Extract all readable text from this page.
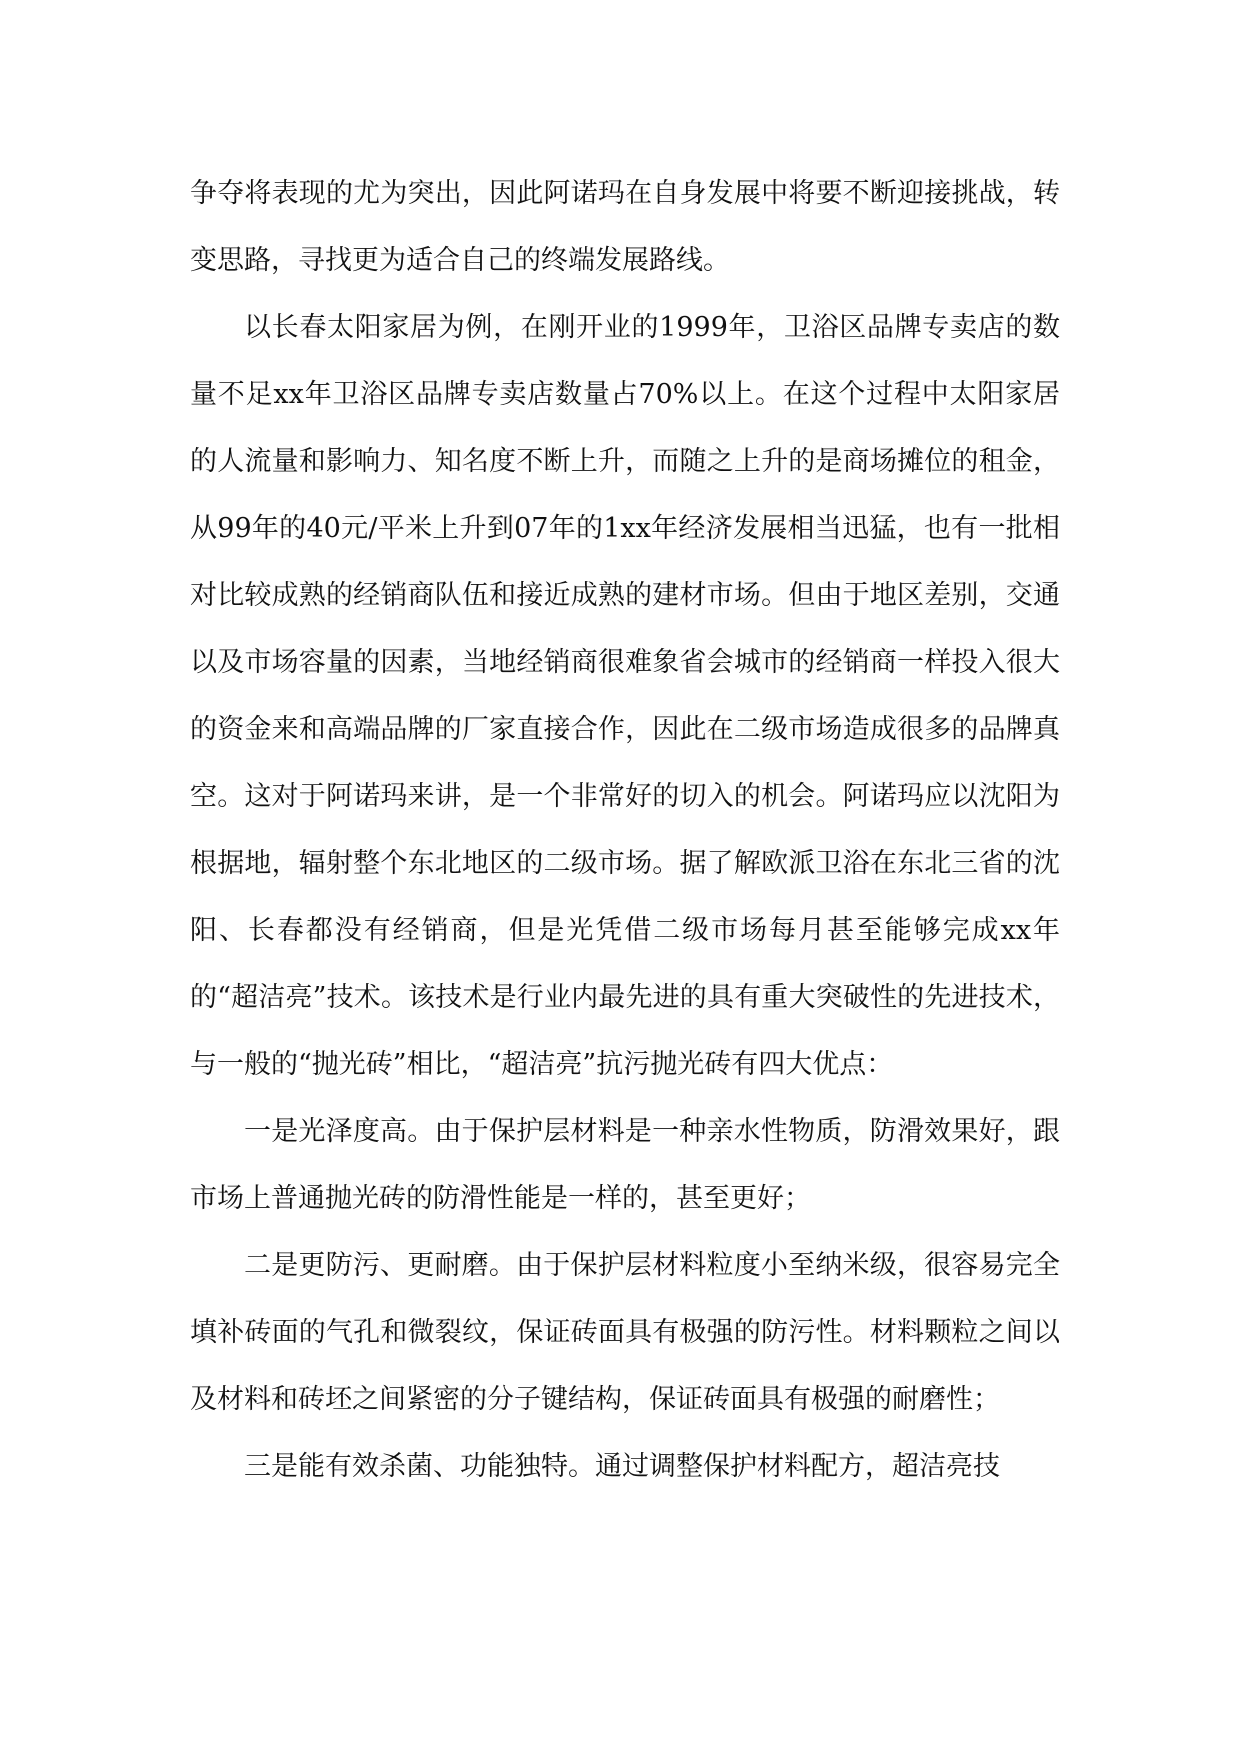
争夺将表现的尤为突出，因此阿诺玛在自身发展中将要不断迎接挑战，转变思路，寻找更为适合自己的终端发展路线。

以长春太阳家居为例，在刚开业的1999年，卫浴区品牌专卖店的数量不足xx年卫浴区品牌专卖店数量占70%以上。在这个过程中太阳家居的人流量和影响力、知名度不断上升，而随之上升的是商场摊位的租金，从99年的40元/平米上升到07年的1xx年经济发展相当迅猛，也有一批相对比较成熟的经销商队伍和接近成熟的建材市场。但由于地区差别，交通以及市场容量的因素，当地经销商很难象省会城市的经销商一样投入很大的资金来和高端品牌的厂家直接合作，因此在二级市场造成很多的品牌真空。这对于阿诺玛来讲，是一个非常好的切入的机会。阿诺玛应以沈阳为根据地，辐射整个东北地区的二级市场。据了解欧派卫浴在东北三省的沈阳、长春都没有经销商，但是光凭借二级市场每月甚至能够完成xx年的“超洁亮”技术。该技术是行业内最先进的具有重大突破性的先进技术，与一般的“抛光砖”相比，“超洁亮”抗污抛光砖有四大优点：

一是光泽度高。由于保护层材料是一种亲水性物质，防滑效果好，跟市场上普通抛光砖的防滑性能是一样的，甚至更好；

二是更防污、更耐磨。由于保护层材料粒度小至纳米级，很容易完全填补砖面的气孔和微裂纹，保证砖面具有极强的防污性。材料颗粒之间以及材料和砖坯之间紧密的分子键结构，保证砖面具有极强的耐磨性；

三是能有效杀菌、功能独特。通过调整保护材料配方，超洁亮技
